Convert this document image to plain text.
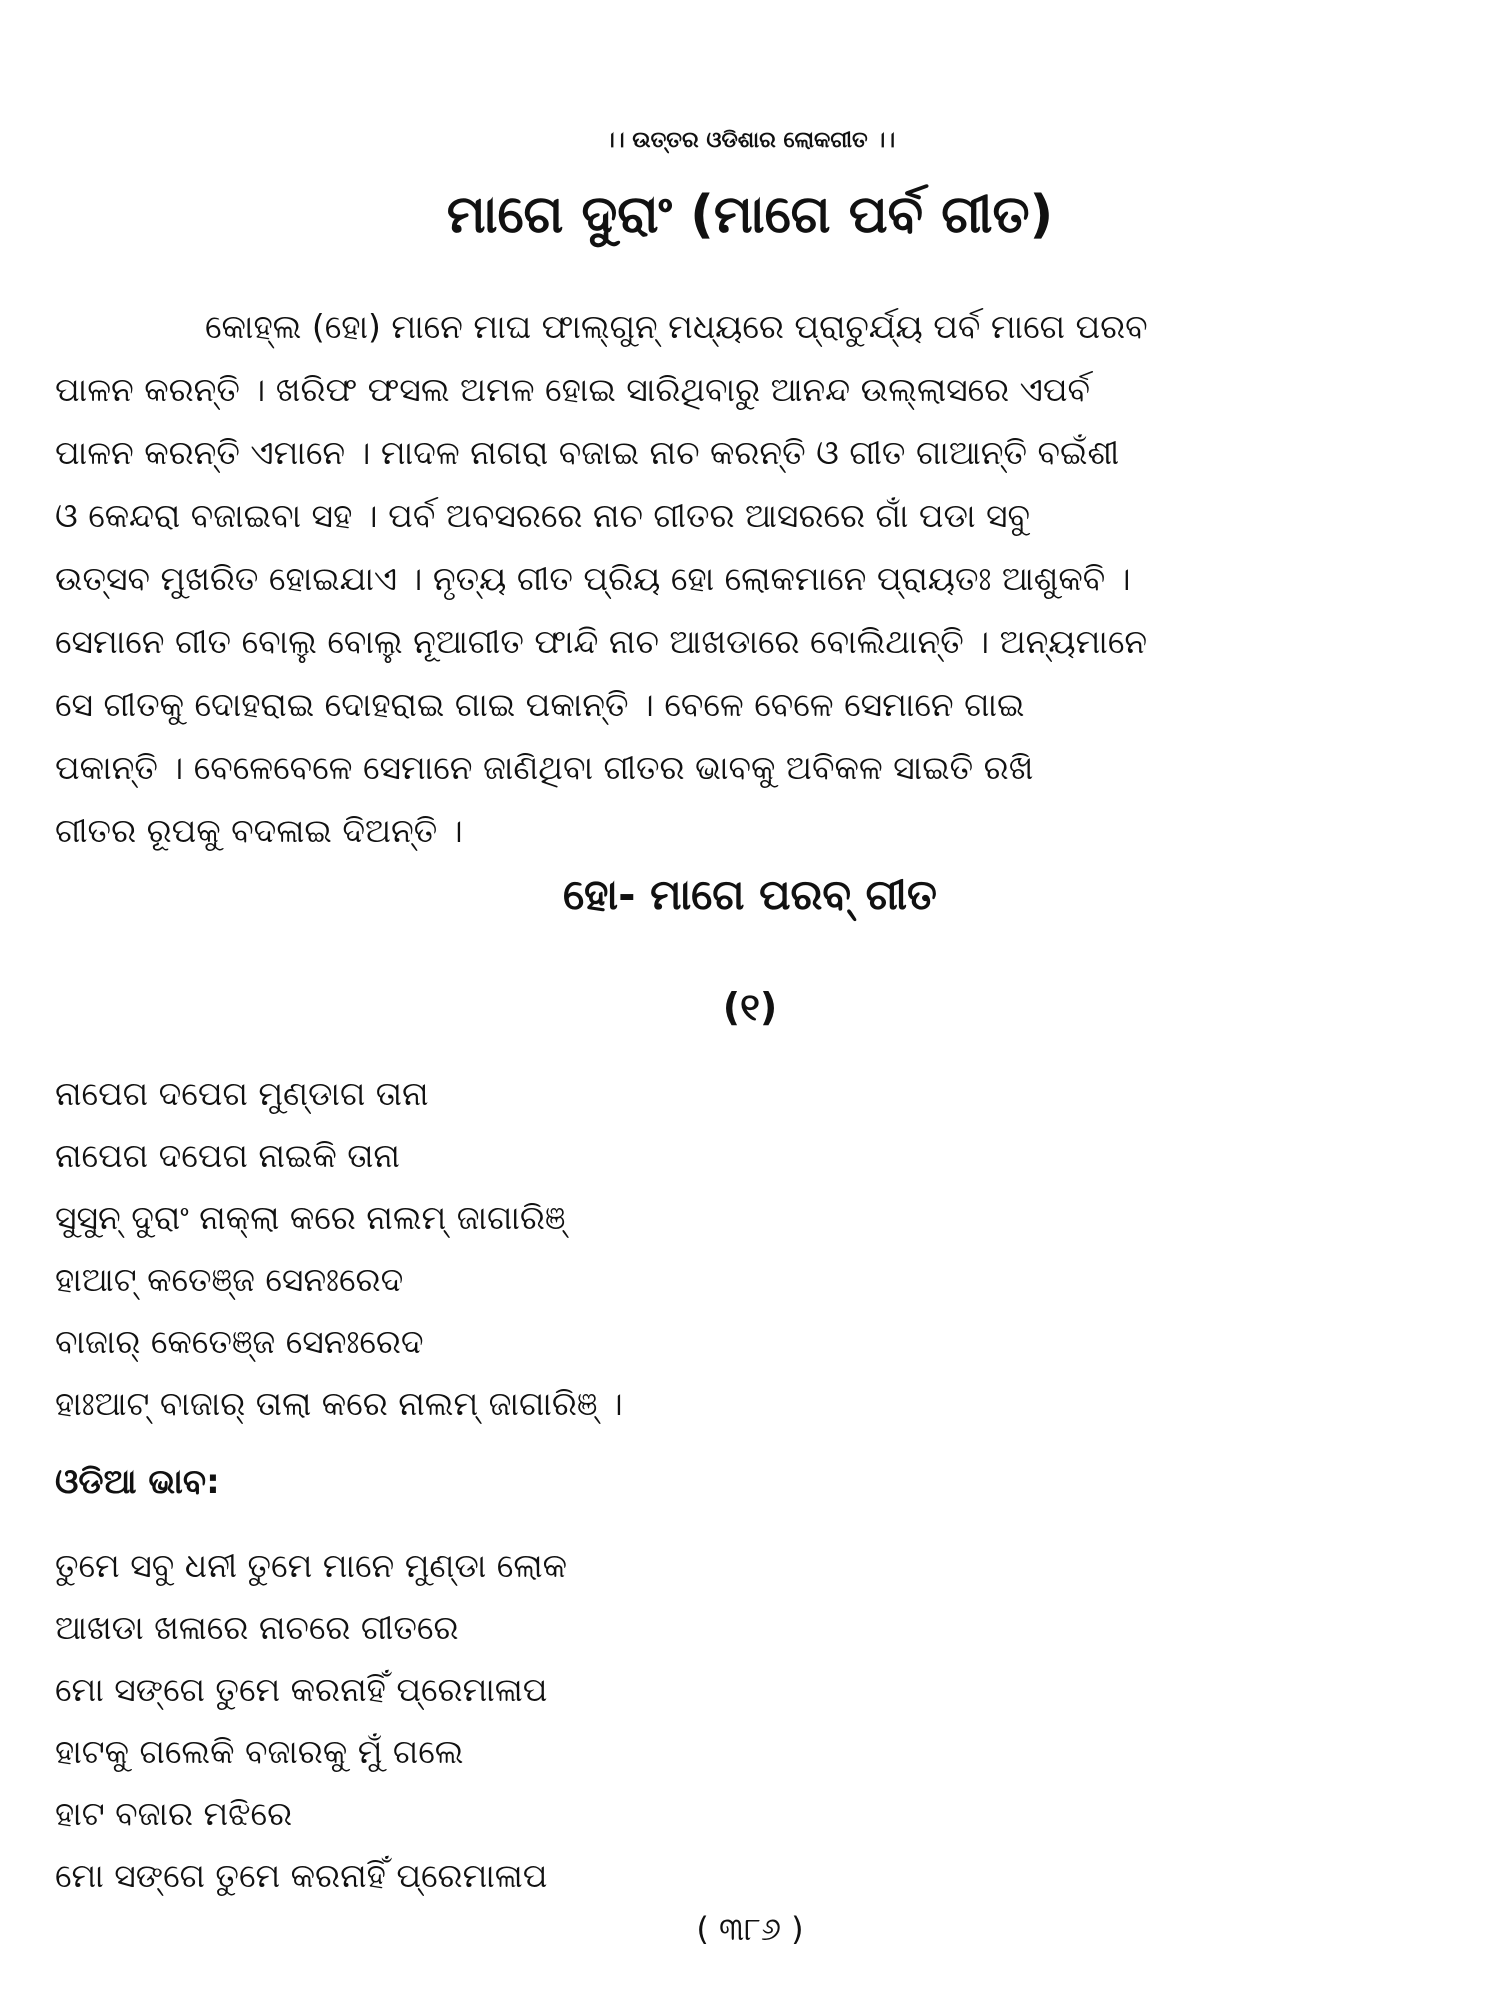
।। ଉତ୍ତର ଓଡିଶାର ଲୋକଗୀତ ।।
ମାଗେ ଦୁରାଂ (ମାଗେ ପର୍ବ ଗୀତ)
କୋହ୍ଲ (ହୋ) ମାନେ ମାଘ ଫାଲ୍‌ଗୁନ୍ ମଧ୍ୟରେ ପ୍ରାଚୁର୍ଯ୍ୟ ପର୍ବ ମାଗେ ପରବ
ପାଳନ କରନ୍ତି । ଖରିଫ ଫସଲ ଅମଳ ହୋଇ ସାରିଥିବାରୁ ଆନନ୍ଦ ଉଲ୍ଲାସରେ ଏପର୍ବ
ପାଳନ କରନ୍ତି ଏମାନେ । ମାଦଳ ନାଗରା ବଜାଇ ନାଚ କରନ୍ତି ଓ ଗୀତ ଗାଆନ୍ତି ବଇଁଶୀ
ଓ କେନ୍ଦରା ବଜାଇବା ସହ । ପର୍ବ ଅବସରରେ ନାଚ ଗୀତର ଆସରରେ ଗାଁ ପଡା ସବୁ
ଉତ୍ସବ ମୁଖରିତ ହୋଇଯାଏ । ନୃତ୍ୟ ଗୀତ ପ୍ରିୟ ହୋ ଲୋକମାନେ ପ୍ରାୟତଃ ଆଶୁକବି ।
ସେମାନେ ଗୀତ ବୋଲୁ ବୋଲୁ ନୂଆଗୀତ ଫାନ୍ଦି ନାଚ ଆଖଡାରେ ବୋଲିଥାନ୍ତି । ଅନ୍ୟମାନେ
ସେ ଗୀତକୁ ଦୋହରାଇ ଦୋହରାଇ ଗାଇ ପକାନ୍ତି । ବେଳେ ବେଳେ ସେମାନେ ଗାଇ
ପକାନ୍ତି । ବେଳେବେଳେ ସେମାନେ ଜାଣିଥିବା ଗୀତର ଭାବକୁ ଅବିକଳ ସାଇତି ରଖି
ଗୀତର ରୂପକୁ ବଦଳାଇ ଦିଅନ୍ତି ।
ହୋ- ମାଗେ ପରବ୍ ଗୀତ
(୧)
ନାପେଗ ଦପେଗ ମୁଣ୍ଡାଗ ତାନା
ନାପେଗ ଦପେଗ ନାଇକି ତାନା
ସୁସୁନ୍ ଦୁରାଂ ନାକ୍‌ଲା କରେ ନାଲମ୍ ଜାଗାରିଞ୍
ହାଆଟ୍ କତେଞ୍ଜ ସେନଃରେଦ
ବାଜାର୍ କେତେଞ୍ଜ ସେନଃରେଦ
ହାଃଆଟ୍ ବାଜାର୍ ତାଲା କରେ ନାଲମ୍ ଜାଗାରିଞ୍ ।
ଓଡିଆ ଭାବ:
ତୁମେ ସବୁ ଧନୀ ତୁମେ ମାନେ ମୁଣ୍ଡା ଲୋକ
ଆଖଡା ଖଳାରେ ନାଚରେ ଗୀତରେ
ମୋ ସଙ୍ଗେ ତୁମେ କରନାହିଁ ପ୍ରେମାଳାପ
ହାଟକୁ ଗଲେକି ବଜାରକୁ ମୁଁ ଗଲେ
ହାଟ ବଜାର ମଝିରେ
ମୋ ସଙ୍ଗେ ତୁମେ କରନାହିଁ ପ୍ରେମାଳାପ
( ୩୮୬ )
